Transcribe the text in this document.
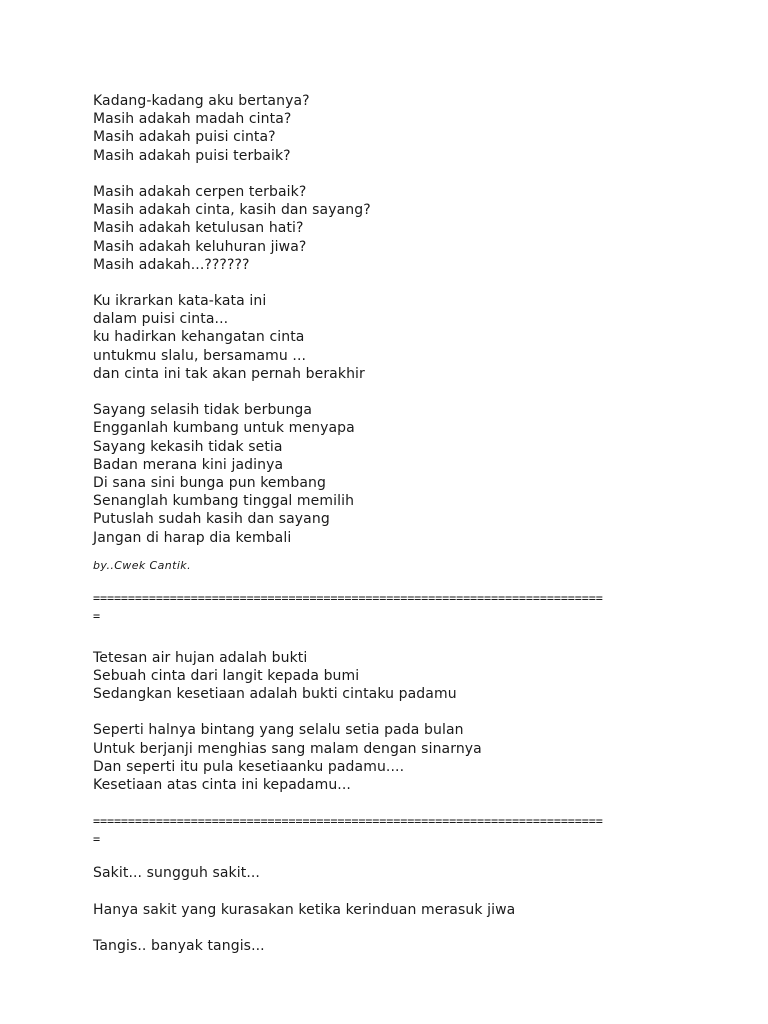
Kadang-kadang aku bertanya?
Masih adakah madah cinta?
Masih adakah puisi cinta?
Masih adakah puisi terbaik?
Masih adakah cerpen terbaik?
Masih adakah cinta, kasih dan sayang?
Masih adakah ketulusan hati?
Masih adakah keluhuran jiwa?
Masih adakah...??????
Ku ikrarkan kata-kata ini
dalam puisi cinta...
ku hadirkan kehangatan cinta
untukmu slalu, bersamamu ...
dan cinta ini tak akan pernah berakhir
Sayang selasih tidak berbunga
Engganlah kumbang untuk menyapa
Sayang kekasih tidak setia
Badan merana kini jadinya
Di sana sini bunga pun kembang
Senanglah kumbang tinggal memilih
Putuslah sudah kasih dan sayang
Jangan di harap dia kembali
by..Cwek Cantik.
=========================================================================
=
Tetesan air hujan adalah bukti
Sebuah cinta dari langit kepada bumi
Sedangkan kesetiaan adalah bukti cintaku padamu
Seperti halnya bintang yang selalu setia pada bulan
Untuk berjanji menghias sang malam dengan sinarnya
Dan seperti itu pula kesetiaanku padamu....
Kesetiaan atas cinta ini kepadamu...
=========================================================================
=
Sakit... sungguh sakit...
Hanya sakit yang kurasakan ketika kerinduan merasuk jiwa
Tangis.. banyak tangis...
